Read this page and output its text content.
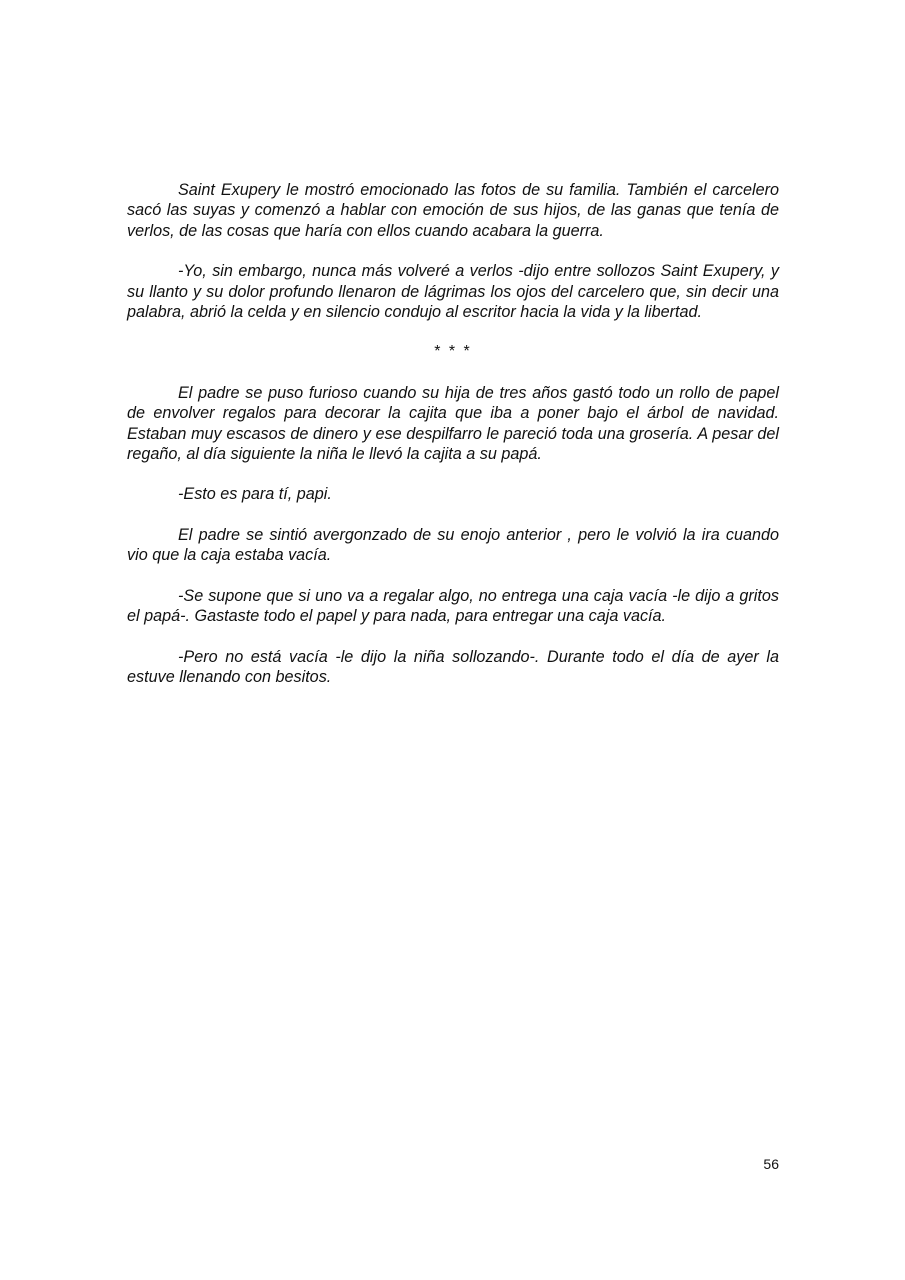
Saint Exupery le mostró emocionado las fotos de su familia. También el carcelero sacó las suyas y comenzó a hablar con emoción de sus hijos, de las ganas que tenía de verlos, de las cosas que haría con ellos cuando acabara la guerra.

-Yo, sin embargo, nunca más volveré a verlos -dijo entre sollozos Saint Exupery, y su llanto y su dolor profundo llenaron de lágrimas los ojos del carcelero que, sin decir una palabra, abrió la celda y en silencio condujo al escritor hacia la vida y la libertad.

* * *

El padre se puso furioso cuando su hija de tres años gastó todo un rollo de papel de envolver regalos para decorar la cajita que iba a poner bajo el árbol de navidad. Estaban muy escasos de dinero y ese despilfarro le pareció toda una grosería. A pesar del regaño, al día siguiente la niña le llevó la cajita a su papá.

-Esto es para tí, papi.

El padre se sintió avergonzado de su enojo anterior , pero le volvió la ira cuando vio que la caja estaba vacía.

-Se supone que si uno va a regalar algo, no entrega una caja vacía -le dijo a gritos el papá-. Gastaste todo el papel y para nada, para entregar una caja vacía.

-Pero no está vacía -le dijo la niña sollozando-. Durante todo el día de ayer la estuve llenando con besitos.

56
